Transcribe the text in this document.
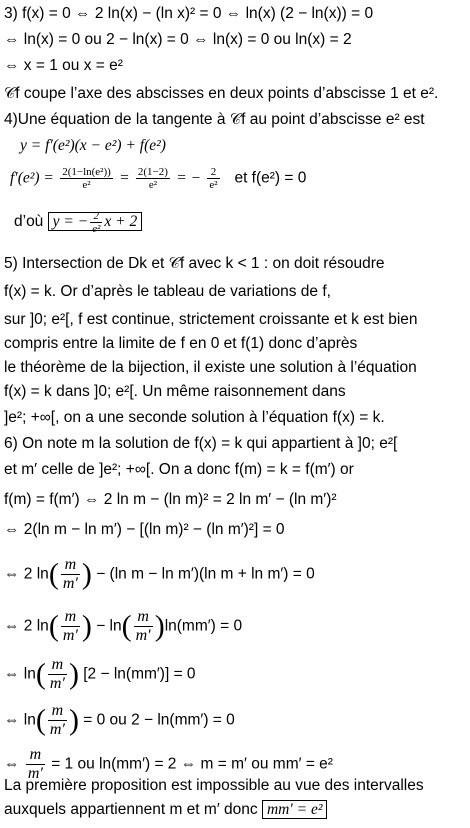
3) f(x) = 0 ⇔ 2 ln(x) − (ln x)² = 0 ⇔ ln(x) (2 − ln(x)) = 0
⇔ ln(x) = 0 ou 2 − ln(x) = 0 ⇔ ln(x) = 0 ou ln(x) = 2
⇔ x = 1 ou x = e²
𝒞f coupe l’axe des abscisses en deux points d’abscisse 1 et e².
4)Une équation de la tangente à 𝒞f au point d’abscisse e² est
y = f′(e²)(x − e²) + f(e²)
$f'(e^2) = \frac{\text{2(1−ln(e²))}}{\text{e²}} = \frac{2(1-2)}{\text{e²}}$ = − $\frac{2}{\text{e²}}$ et f(e²) = 0
d’où y = − $\frac{2}{\text{e²}}$ x + 2
5) Intersection de Dk et 𝒞f avec k < 1 : on doit résoudre
f(x) = k. Or d’après le tableau de variations de f,
sur ]0; e²[, f est continue, strictement croissante et k est bien
compris entre la limite de f en 0 et f(1) donc d’après
le théorème de la bijection, il existe une solution à l’équation
f(x) = k dans ]0; e²[. Un même raisonnement dans
]e²; +∞[, on a une seconde solution à l’équation f(x) = k.
6) On note m la solution de f(x) = k qui appartient à ]0; e²[
et m′ celle de ]e²; +∞[. On a donc f(m) = k = f(m′) or
f(m) = f(m′) ⇔ 2 ln m − (ln m)² = 2 ln m′ − (ln m′)²
⇔ 2(ln m − ln m′) − [(ln m)² − (ln m′)²] = 0
⇔ 2 $\ln( \frac{m}{m'}$ ) − (ln m − ln m′)(ln m + ln m′) = 0
⇔ 2 $\ln( \frac{m}{m'}$ ) − $\ln( \frac{m}{m'} )\ln(mm') = 0$
⇔ $\ln( \frac{m}{m'}$ ) [2 − ln(mm′)] = 0
⇔ $\ln( \frac{m}{m'}$ ) = 0 ou 2 − ln(mm′) = 0
⇔ $\frac{m}{m'} = 1$ ou ln(mm′) = 2 ⇔ m = m′ ou mm′ = e²
La première proposition est impossible au vue des intervalles
auxquels appartiennent m et m′ donc mm′ = e²
